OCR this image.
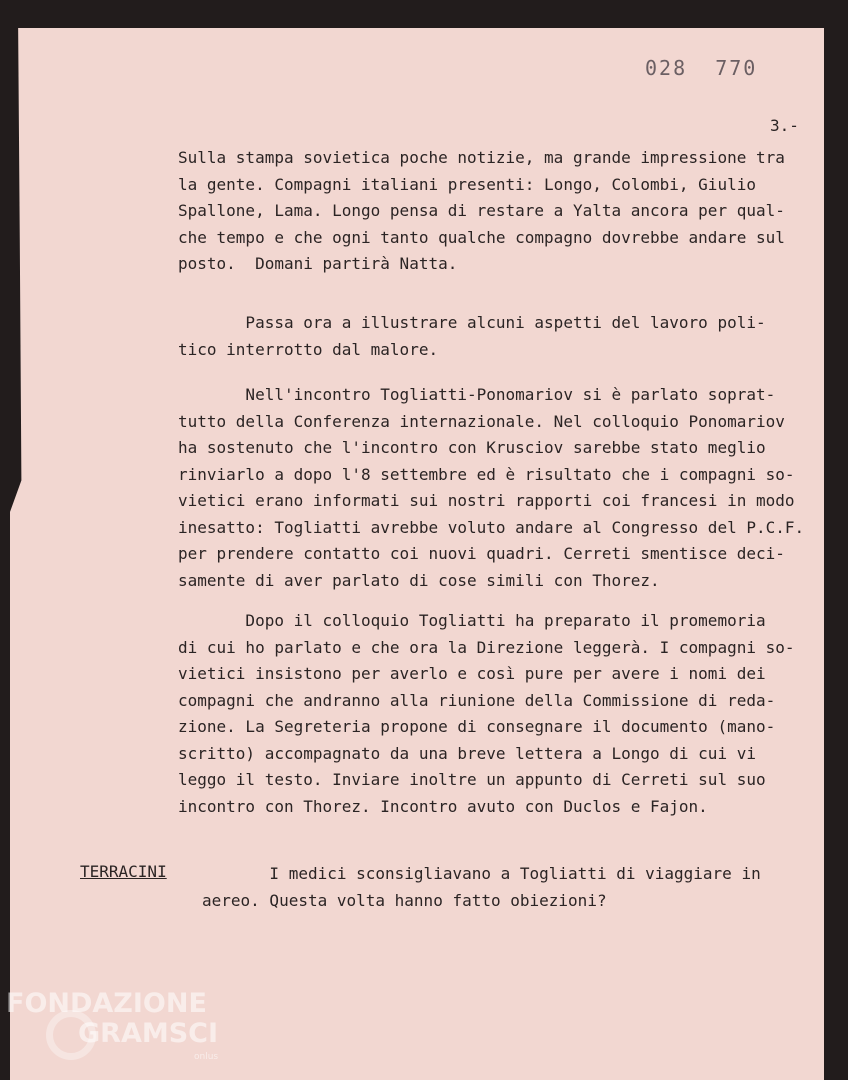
FONDAZIONE
GRAMSCI
onlus
028  770
3.-
Sulla stampa sovietica poche notizie, ma grande impressione tra
la gente. Compagni italiani presenti: Longo, Colombi, Giulio
Spallone, Lama. Longo pensa di restare a Yalta ancora per qual-
che tempo e che ogni tanto qualche compagno dovrebbe andare sul
posto.  Domani partirà Natta.
Passa ora a illustrare alcuni aspetti del lavoro poli-
tico interrotto dal malore.
Nell'incontro Togliatti-Ponomariov si è parlato soprat-
tutto della Conferenza internazionale. Nel colloquio Ponomariov
ha sostenuto che l'incontro con Krusciov sarebbe stato meglio
rinviarlo a dopo l'8 settembre ed è risultato che i compagni so-
vietici erano informati sui nostri rapporti coi francesi in modo
inesatto: Togliatti avrebbe voluto andare al Congresso del P.C.F.
per prendere contatto coi nuovi quadri. Cerreti smentisce deci-
samente di aver parlato di cose simili con Thorez.
Dopo il colloquio Togliatti ha preparato il promemoria
di cui ho parlato e che ora la Direzione leggerà. I compagni so-
vietici insistono per averlo e così pure per avere i nomi dei
compagni che andranno alla riunione della Commissione di reda-
zione. La Segreteria propone di consegnare il documento (mano-
scritto) accompagnato da una breve lettera a Longo di cui vi
leggo il testo. Inviare inoltre un appunto di Cerreti sul suo
incontro con Thorez. Incontro avuto con Duclos e Fajon.
TERRACINI	I medici sconsigliavano a Togliatti di viaggiare in
aereo. Questa volta hanno fatto obiezioni?
